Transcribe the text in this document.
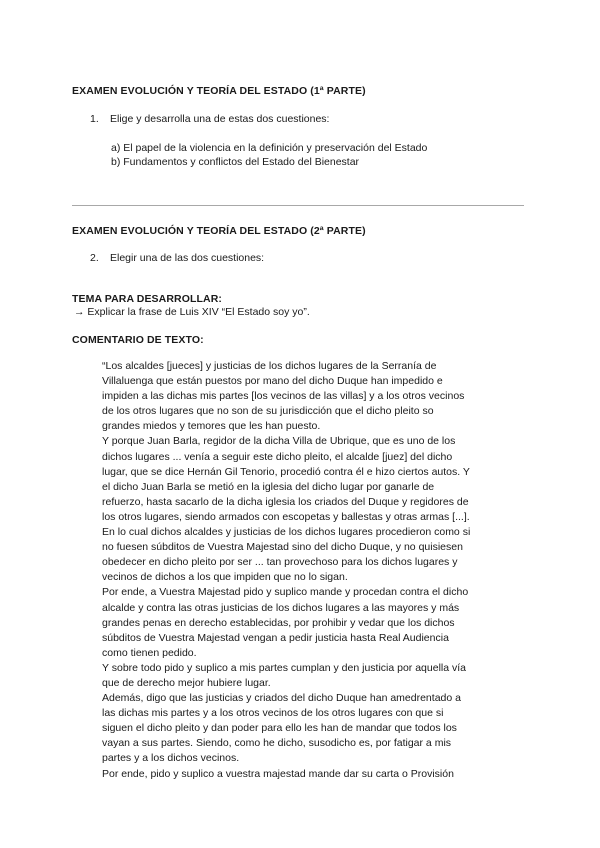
EXAMEN EVOLUCIÓN Y TEORÍA DEL ESTADO (1ª PARTE)
1. Elige y desarrolla una de estas dos cuestiones:
a) El papel de la violencia en la definición y preservación del Estado
b) Fundamentos y conflictos del Estado del Bienestar
EXAMEN EVOLUCIÓN Y TEORÍA DEL ESTADO (2ª PARTE)
2. Elegir una de las dos cuestiones:
TEMA PARA DESARROLLAR:
→ Explicar la frase de Luis XIV “El Estado soy yo”.
COMENTARIO DE TEXTO:

“Los alcaldes [jueces] y justicias de los dichos lugares de la Serranía de Villaluenga que están puestos por mano del dicho Duque han impedido e impiden a las dichas mis partes [los vecinos de las villas] y a los otros vecinos de los otros lugares que no son de su jurisdicción que el dicho pleito so grandes miedos y temores que les han puesto.

Y porque Juan Barla, regidor de la dicha Villa de Ubrique, que es uno de los dichos lugares ... venía a seguir este dicho pleito, el alcalde [juez] del dicho lugar, que se dice Hernán Gil Tenorio, procedió contra él e hizo ciertos autos. Y el dicho Juan Barla se metió en la iglesia del dicho lugar por ganarle de refuerzo, hasta sacarlo de la dicha iglesia los criados del Duque y regidores de los otros lugares, siendo armados con escopetas y ballestas y otras armas [...]. En lo cual dichos alcaldes y justicias de los dichos lugares procedieron como si no fuesen súbditos de Vuestra Majestad sino del dicho Duque, y no quisiesen obedecer en dicho pleito por ser ... tan provechoso para los dichos lugares y vecinos de dichos a los que impiden que no lo sigan.

Por ende, a Vuestra Majestad pido y suplico mande y procedan contra el dicho alcalde y contra las otras justicias de los dichos lugares a las mayores y más grandes penas en derecho establecidas, por prohibir y vedar que los dichos súbditos de Vuestra Majestad vengan a pedir justicia hasta Real Audiencia como tienen pedido.

Y sobre todo pido y suplico a mis partes cumplan y den justicia por aquella vía que de derecho mejor hubiere lugar.

Además, digo que las justicias y criados del dicho Duque han amedrentado a las dichas mis partes y a los otros vecinos de los otros lugares con que si siguen el dicho pleito y dan poder para ello les han de mandar que todos los vayan a sus partes. Siendo, como he dicho, susodicho es, por fatigar a mis partes y a los dichos vecinos.

Por ende, pido y suplico a vuestra majestad mande dar su carta o Provisión
